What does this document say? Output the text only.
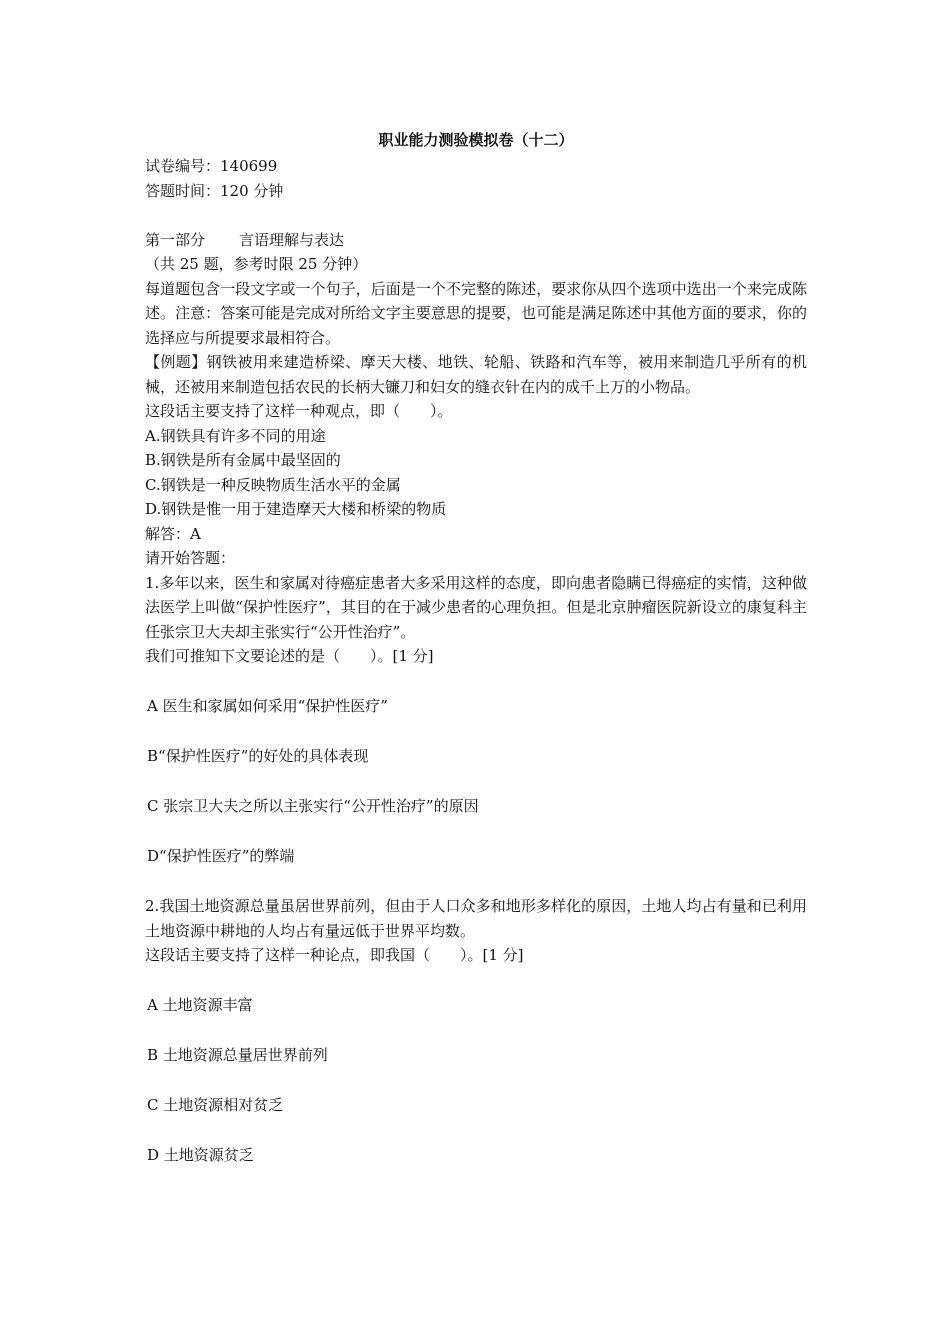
职业能力测验模拟卷（十二）

试卷编号：140699

答题时间：120 分钟

第一部分 言语理解与表达

（共 25 题，参考时限 25 分钟）

每道题包含一段文字或一个句子，后面是一个不完整的陈述，要求你从四个选项中选出一个来完成陈述。注意：答案可能是完成对所给文字主要意思的提要，也可能是满足陈述中其他方面的要求，你的选择应与所提要求最相符合。

【例题】钢铁被用来建造桥梁、摩天大楼、地铁、轮船、铁路和汽车等，被用来制造几乎所有的机械，还被用来制造包括农民的长柄大镰刀和妇女的缝衣针在内的成千上万的小物品。

这段话主要支持了这样一种观点，即（　　）。

A.钢铁具有许多不同的用途

B.钢铁是所有金属中最坚固的

C.钢铁是一种反映物质生活水平的金属

D.钢铁是惟一用于建造摩天大楼和桥梁的物质

解答：A

请开始答题：

1.多年以来，医生和家属对待癌症患者大多采用这样的态度，即向患者隐瞒已得癌症的实情，这种做法医学上叫做“保护性医疗”，其目的在于减少患者的心理负担。但是北京肿瘤医院新设立的康复科主任张宗卫大夫却主张实行“公开性治疗”。

我们可推知下文要论述的是（　　）。[1 分]

A 医生和家属如何采用“保护性医疗”

B“保护性医疗”的好处的具体表现

C 张宗卫大夫之所以主张实行“公开性治疗”的原因

D“保护性医疗”的弊端

2.我国土地资源总量虽居世界前列，但由于人口众多和地形多样化的原因，土地人均占有量和已利用土地资源中耕地的人均占有量远低于世界平均数。

这段话主要支持了这样一种论点，即我国（　　）。[1 分]

A 土地资源丰富

B 土地资源总量居世界前列

C 土地资源相对贫乏

D 土地资源贫乏
